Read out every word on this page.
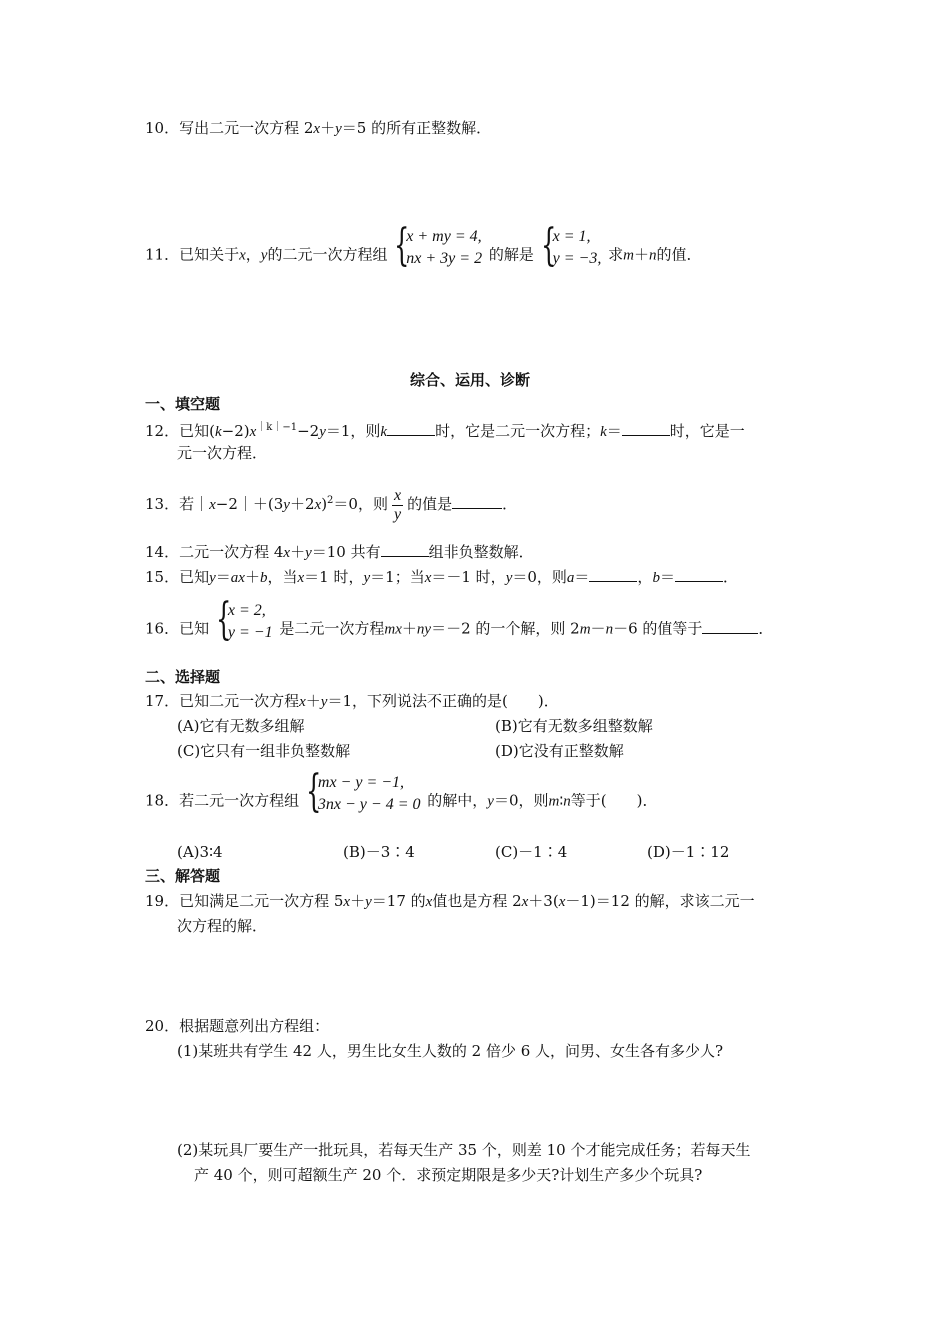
10．写出二元一次方程 2x＋y＝5 的所有正整数解．
11．已知关于x，y的二元一次方程组 {
x + my = 4,
nx + 3y = 2 的解是 {
x = 1,
y = −3, 求m＋n的值．
综合、运用、诊断
一、填空题
12．已知$(k-2)x^{|k|-1}-2y=1$，则k	时，它是二元一次方程；k＝	时，它是一
元一次方程．
13．若$|x-2|+(3y+2x)^2=0$，则 $\frac{x}{y}$ 的值是	．
14．二元一次方程 4x＋y＝10 共有	组非负整数解．
15．已知y＝ax＋b，当x＝1 时，y＝1；当x＝－1 时，y＝0，则a＝	，b＝	．
16．已知 {
x = 2,
y = −1 是二元一次方程mx＋ny＝－2 的一个解，则 2m－n－6 的值等于	．
二、选择题
17．已知二元一次方程x＋y＝1，下列说法不正确的是(　　)．
(A)它有无数多组解	(B)它有无数多组整数解
(C)它只有一组非负整数解	(D)它没有正整数解
18．若二元一次方程组 {
mx − y = −1,
3nx − y − 4 = 0 的解中，y＝0，则m∶n等于(　　)．
(A)3∶4	(B)－3∶4	(C)－1∶4	(D)－1∶12
三、解答题
19．已知满足二元一次方程 5x＋y＝17 的x值也是方程 2x＋3(x－1)＝12 的解，求该二元一
次方程的解．
20．根据题意列出方程组：
(1)某班共有学生 42 人，男生比女生人数的 2 倍少 6 人，问男、女生各有多少人?
(2)某玩具厂要生产一批玩具，若每天生产 35 个，则差 10 个才能完成任务；若每天生
产 40 个，则可超额生产 20 个．求预定期限是多少天?计划生产多少个玩具?
